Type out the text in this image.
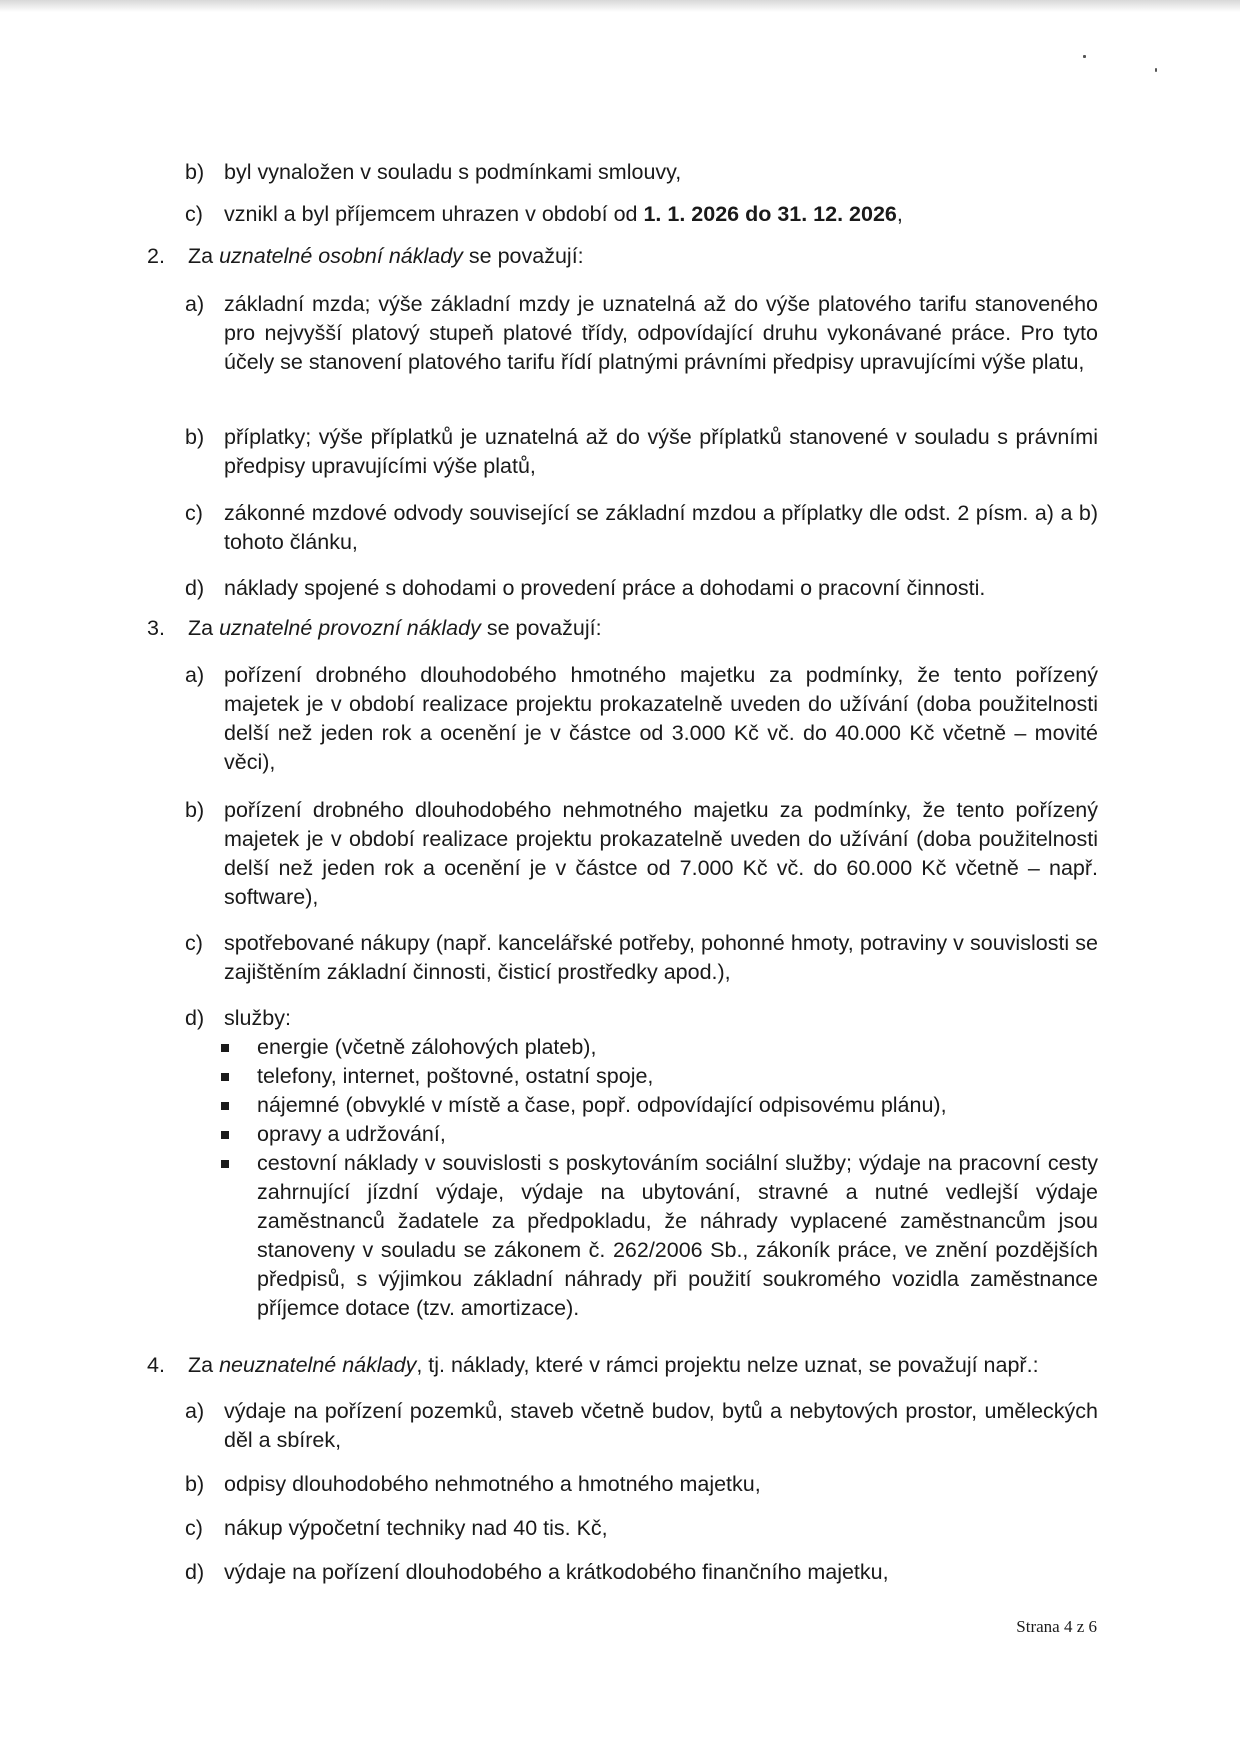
b) byl vynaložen v souladu s podmínkami smlouvy,
c) vznikl a byl příjemcem uhrazen v období od 1. 1. 2026 do 31. 12. 2026,
2. Za uznatelné osobní náklady se považují:
a) základní mzda; výše základní mzdy je uznatelná až do výše platového tarifu stanoveného pro nejvyšší platový stupeň platové třídy, odpovídající druhu vykonávané práce. Pro tyto účely se stanovení platového tarifu řídí platnými právními předpisy upravujícími výše platu,
b) příplatky; výše příplatků je uznatelná až do výše příplatků stanovené v souladu s právními předpisy upravujícími výše platů,
c) zákonné mzdové odvody související se základní mzdou a příplatky dle odst. 2 písm. a) a b) tohoto článku,
d) náklady spojené s dohodami o provedení práce a dohodami o pracovní činnosti.
3. Za uznatelné provozní náklady se považují:
a) pořízení drobného dlouhodobého hmotného majetku za podmínky, že tento pořízený majetek je v období realizace projektu prokazatelně uveden do užívání (doba použitelnosti delší než jeden rok a ocenění je v částce od 3.000 Kč vč. do 40.000 Kč včetně – movité věci),
b) pořízení drobného dlouhodobého nehmotného majetku za podmínky, že tento pořízený majetek je v období realizace projektu prokazatelně uveden do užívání (doba použitelnosti delší než jeden rok a ocenění je v částce od 7.000 Kč vč. do 60.000 Kč včetně – např. software),
c) spotřebované nákupy (např. kancelářské potřeby, pohonné hmoty, potraviny v souvislosti se zajištěním základní činnosti, čisticí prostředky apod.),
d) služby:
energie (včetně zálohových plateb),
telefony, internet, poštovné, ostatní spoje,
nájemné (obvyklé v místě a čase, popř. odpovídající odpisovému plánu),
opravy a udržování,
cestovní náklady v souvislosti s poskytováním sociální služby; výdaje na pracovní cesty zahrnující jízdní výdaje, výdaje na ubytování, stravné a nutné vedlejší výdaje zaměstnanců žadatele za předpokladu, že náhrady vyplacené zaměstnancům jsou stanoveny v souladu se zákonem č. 262/2006 Sb., zákoník práce, ve znění pozdějších předpisů, s výjimkou základní náhrady při použití soukromého vozidla zaměstnance příjemce dotace (tzv. amortizace).
4. Za neuznatelné náklady, tj. náklady, které v rámci projektu nelze uznat, se považují např.:
a) výdaje na pořízení pozemků, staveb včetně budov, bytů a nebytových prostor, uměleckých děl a sbírek,
b) odpisy dlouhodobého nehmotného a hmotného majetku,
c) nákup výpočetní techniky nad 40 tis. Kč,
d) výdaje na pořízení dlouhodobého a krátkodobého finančního majetku,
Strana 4 z 6
